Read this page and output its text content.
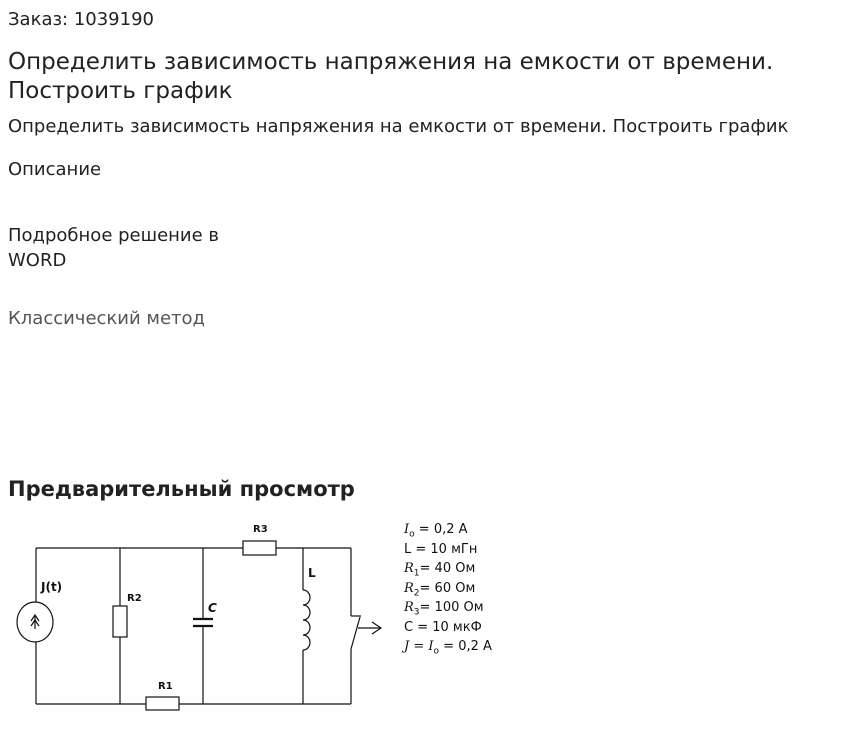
Заказ: 1039190
Определить зависимость напряжения на емкости от времени. Построить график
Определить зависимость напряжения на емкости от времени. Построить график
Описание
Подробное решение в
WORD
Классический метод
Предварительный просмотр
J(t)
R2
C
R3
L
R1
$I_o = 0,2$ А
L = 10 мГн
$R_1= 40$ Ом
$R_2= 60$ Ом
$R_3= 100$ Ом
C = 10 мкФ
$J = I_o = 0,2$ А
